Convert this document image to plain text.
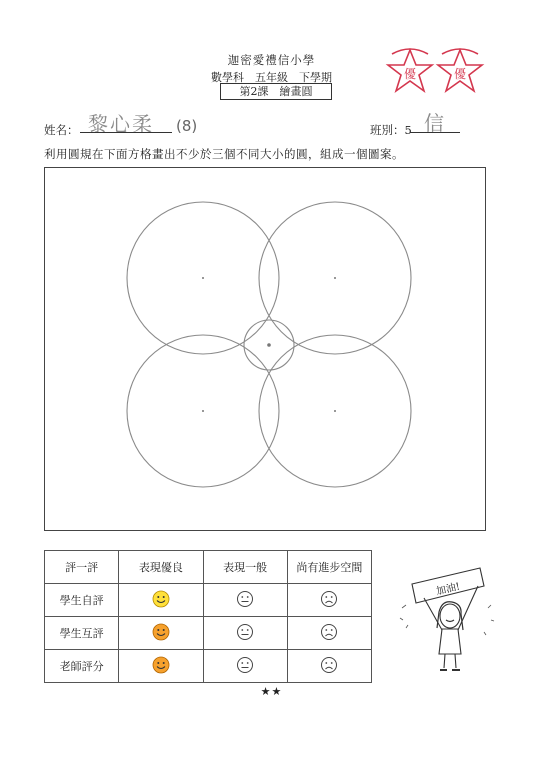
迦密愛禮信小學
數學科　五年級　下學期
第2課　繪畫圓
優	優
姓名： 黎心柔 (8)	班別：5 信
利用圓規在下面方格畫出不少於三個不同大小的圓，組成一個圖案。
評一評	表現優良	表現一般	尚有進步空間
學生自評			
學生互評			
老師評分			
加油!
★★
